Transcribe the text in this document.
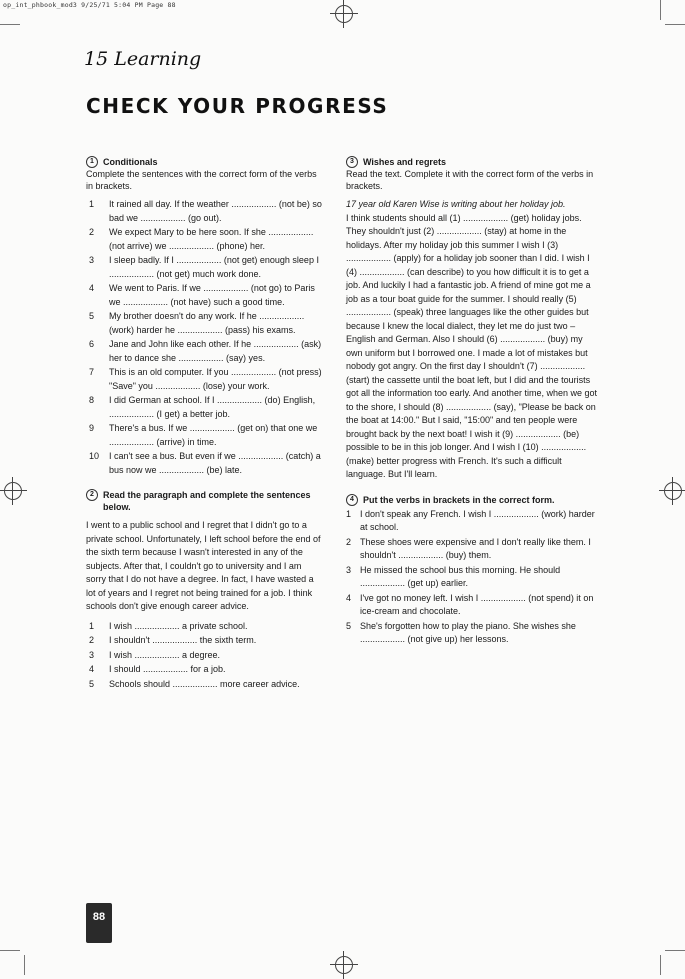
op_int_phbook_mod3 9/25/71 5:04 PM Page 88
15 Learning
CHECK YOUR PROGRESS
1	Conditionals

Complete the sentences with the correct form of the verbs in brackets.

1	It rained all day. If the weather .................. (not be) so bad we .................. (go out).
2	We expect Mary to be here soon. If she .................. (not arrive) we .................. (phone) her.
3	I sleep badly. If I .................. (not get) enough sleep I .................. (not get) much work done.
4	We went to Paris. If we .................. (not go) to Paris we .................. (not have) such a good time.
5	My brother doesn't do any work. If he .................. (work) harder he .................. (pass) his exams.
6	Jane and John like each other. If he .................. (ask) her to dance she .................. (say) yes.
7	This is an old computer. If you .................. (not press) "Save" you .................. (lose) your work.
8	I did German at school. If I .................. (do) English, .................. (I get) a better job.
9	There's a bus. If we .................. (get on) that one we .................. (arrive) in time.
10	I can't see a bus. But even if we .................. (catch) a bus now we .................. (be) late.
2	Read the paragraph and complete the sentences below.

I went to a public school and I regret that I didn't go to a private school. Unfortunately, I left school before the end of the sixth term because I wasn't interested in any of the subjects. After that, I couldn't go to university and I am sorry that I do not have a degree. In fact, I have wasted a lot of years and I regret not being trained for a job. I think schools don't give enough career advice.

1	I wish .................. a private school.
2	I shouldn't .................. the sixth term.
3	I wish .................. a degree.
4	I should .................. for a job.
5	Schools should .................. more career advice.
3	Wishes and regrets

Read the text. Complete it with the correct form of the verbs in brackets.

17 year old Karen Wise is writing about her holiday job.

I think students should all (1) .................. (get) holiday jobs. They shouldn't just (2) .................. (stay) at home in the holidays. After my holiday job this summer I wish I (3) .................. (apply) for a holiday job sooner than I did. I wish I (4) .................. (can describe) to you how difficult it is to get a job. And luckily I had a fantastic job. A friend of mine got me a job as a tour boat guide for the summer. I should really (5) .................. (speak) three languages like the other guides but because I knew the local dialect, they let me do just two – English and German. Also I should (6) .................. (buy) my own uniform but I borrowed one. I made a lot of mistakes but nobody got angry. On the first day I shouldn't (7) .................. (start) the cassette until the boat left, but I did and the tourists got all the information too early. And another time, when we got to the shore, I should (8) .................. (say), "Please be back on the boat at 14:00." But I said, "15:00" and ten people were brought back by the next boat! I wish it (9) .................. (be) possible to be in this job longer. And I wish I (10) .................. (make) better progress with French. It's such a difficult language. But I'll learn.

4	Put the verbs in brackets in the correct form.
1 I don't speak any French. I wish I .................. (work) harder at school.
2 These shoes were expensive and I don't really like them. I shouldn't .................. (buy) them.
3 He missed the school bus this morning. He should .................. (get up) earlier.
4 I've got no money left. I wish I .................. (not spend) it on ice-cream and chocolate.
5 She's forgotten how to play the piano. She wishes she .................. (not give up) her lessons.
88
